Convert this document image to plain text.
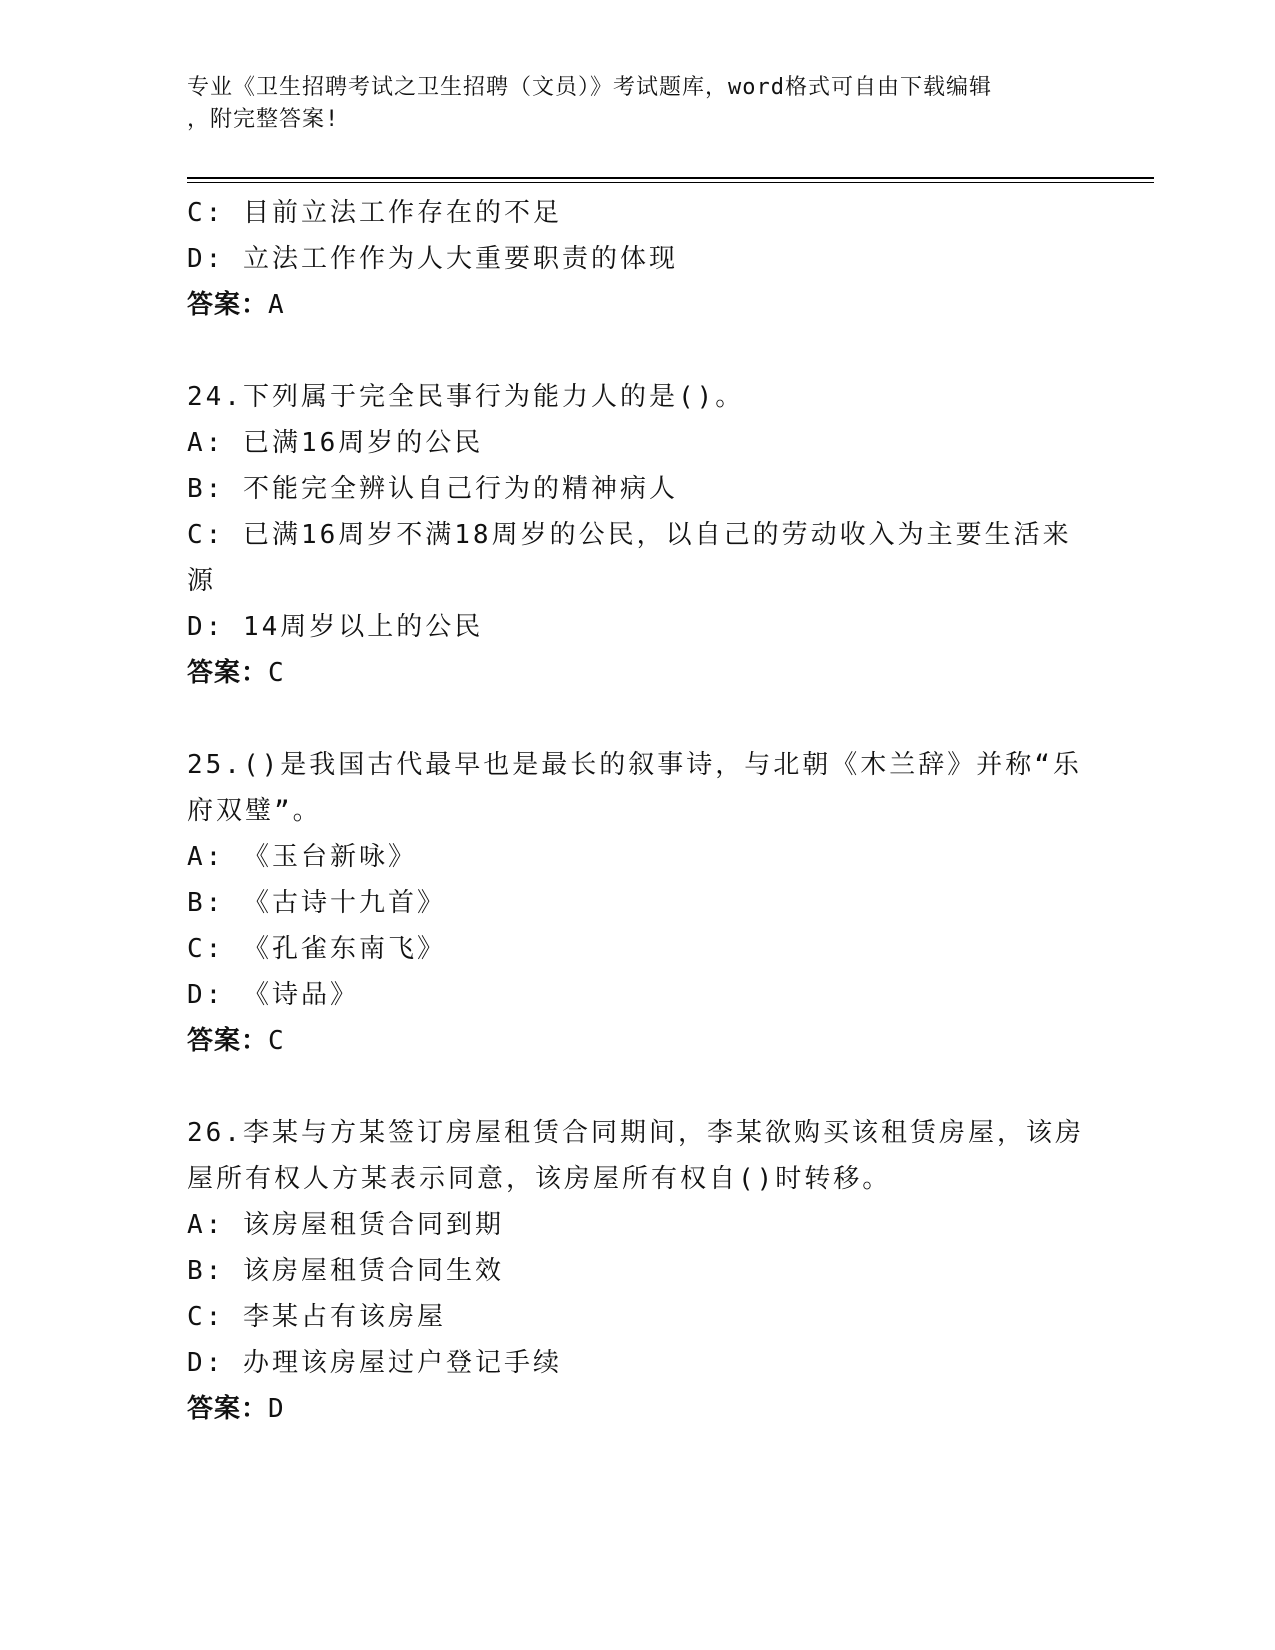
专业《卫生招聘考试之卫生招聘（文员）》考试题库，word格式可自由下载编辑
，附完整答案!
C: 目前立法工作存在的不足
D: 立法工作作为人大重要职责的体现
答案：A
24.下列属于完全民事行为能力人的是()。
A: 已满16周岁的公民
B: 不能完全辨认自己行为的精神病人
C: 已满16周岁不满18周岁的公民，以自己的劳动收入为主要生活来
源
D: 14周岁以上的公民
答案：C
25.()是我国古代最早也是最长的叙事诗，与北朝《木兰辞》并称“乐
府双璧”。
A: 《玉台新咏》
B: 《古诗十九首》
C: 《孔雀东南飞》
D: 《诗品》
答案：C
26.李某与方某签订房屋租赁合同期间，李某欲购买该租赁房屋，该房
屋所有权人方某表示同意，该房屋所有权自()时转移。
A: 该房屋租赁合同到期
B: 该房屋租赁合同生效
C: 李某占有该房屋
D: 办理该房屋过户登记手续
答案：D
